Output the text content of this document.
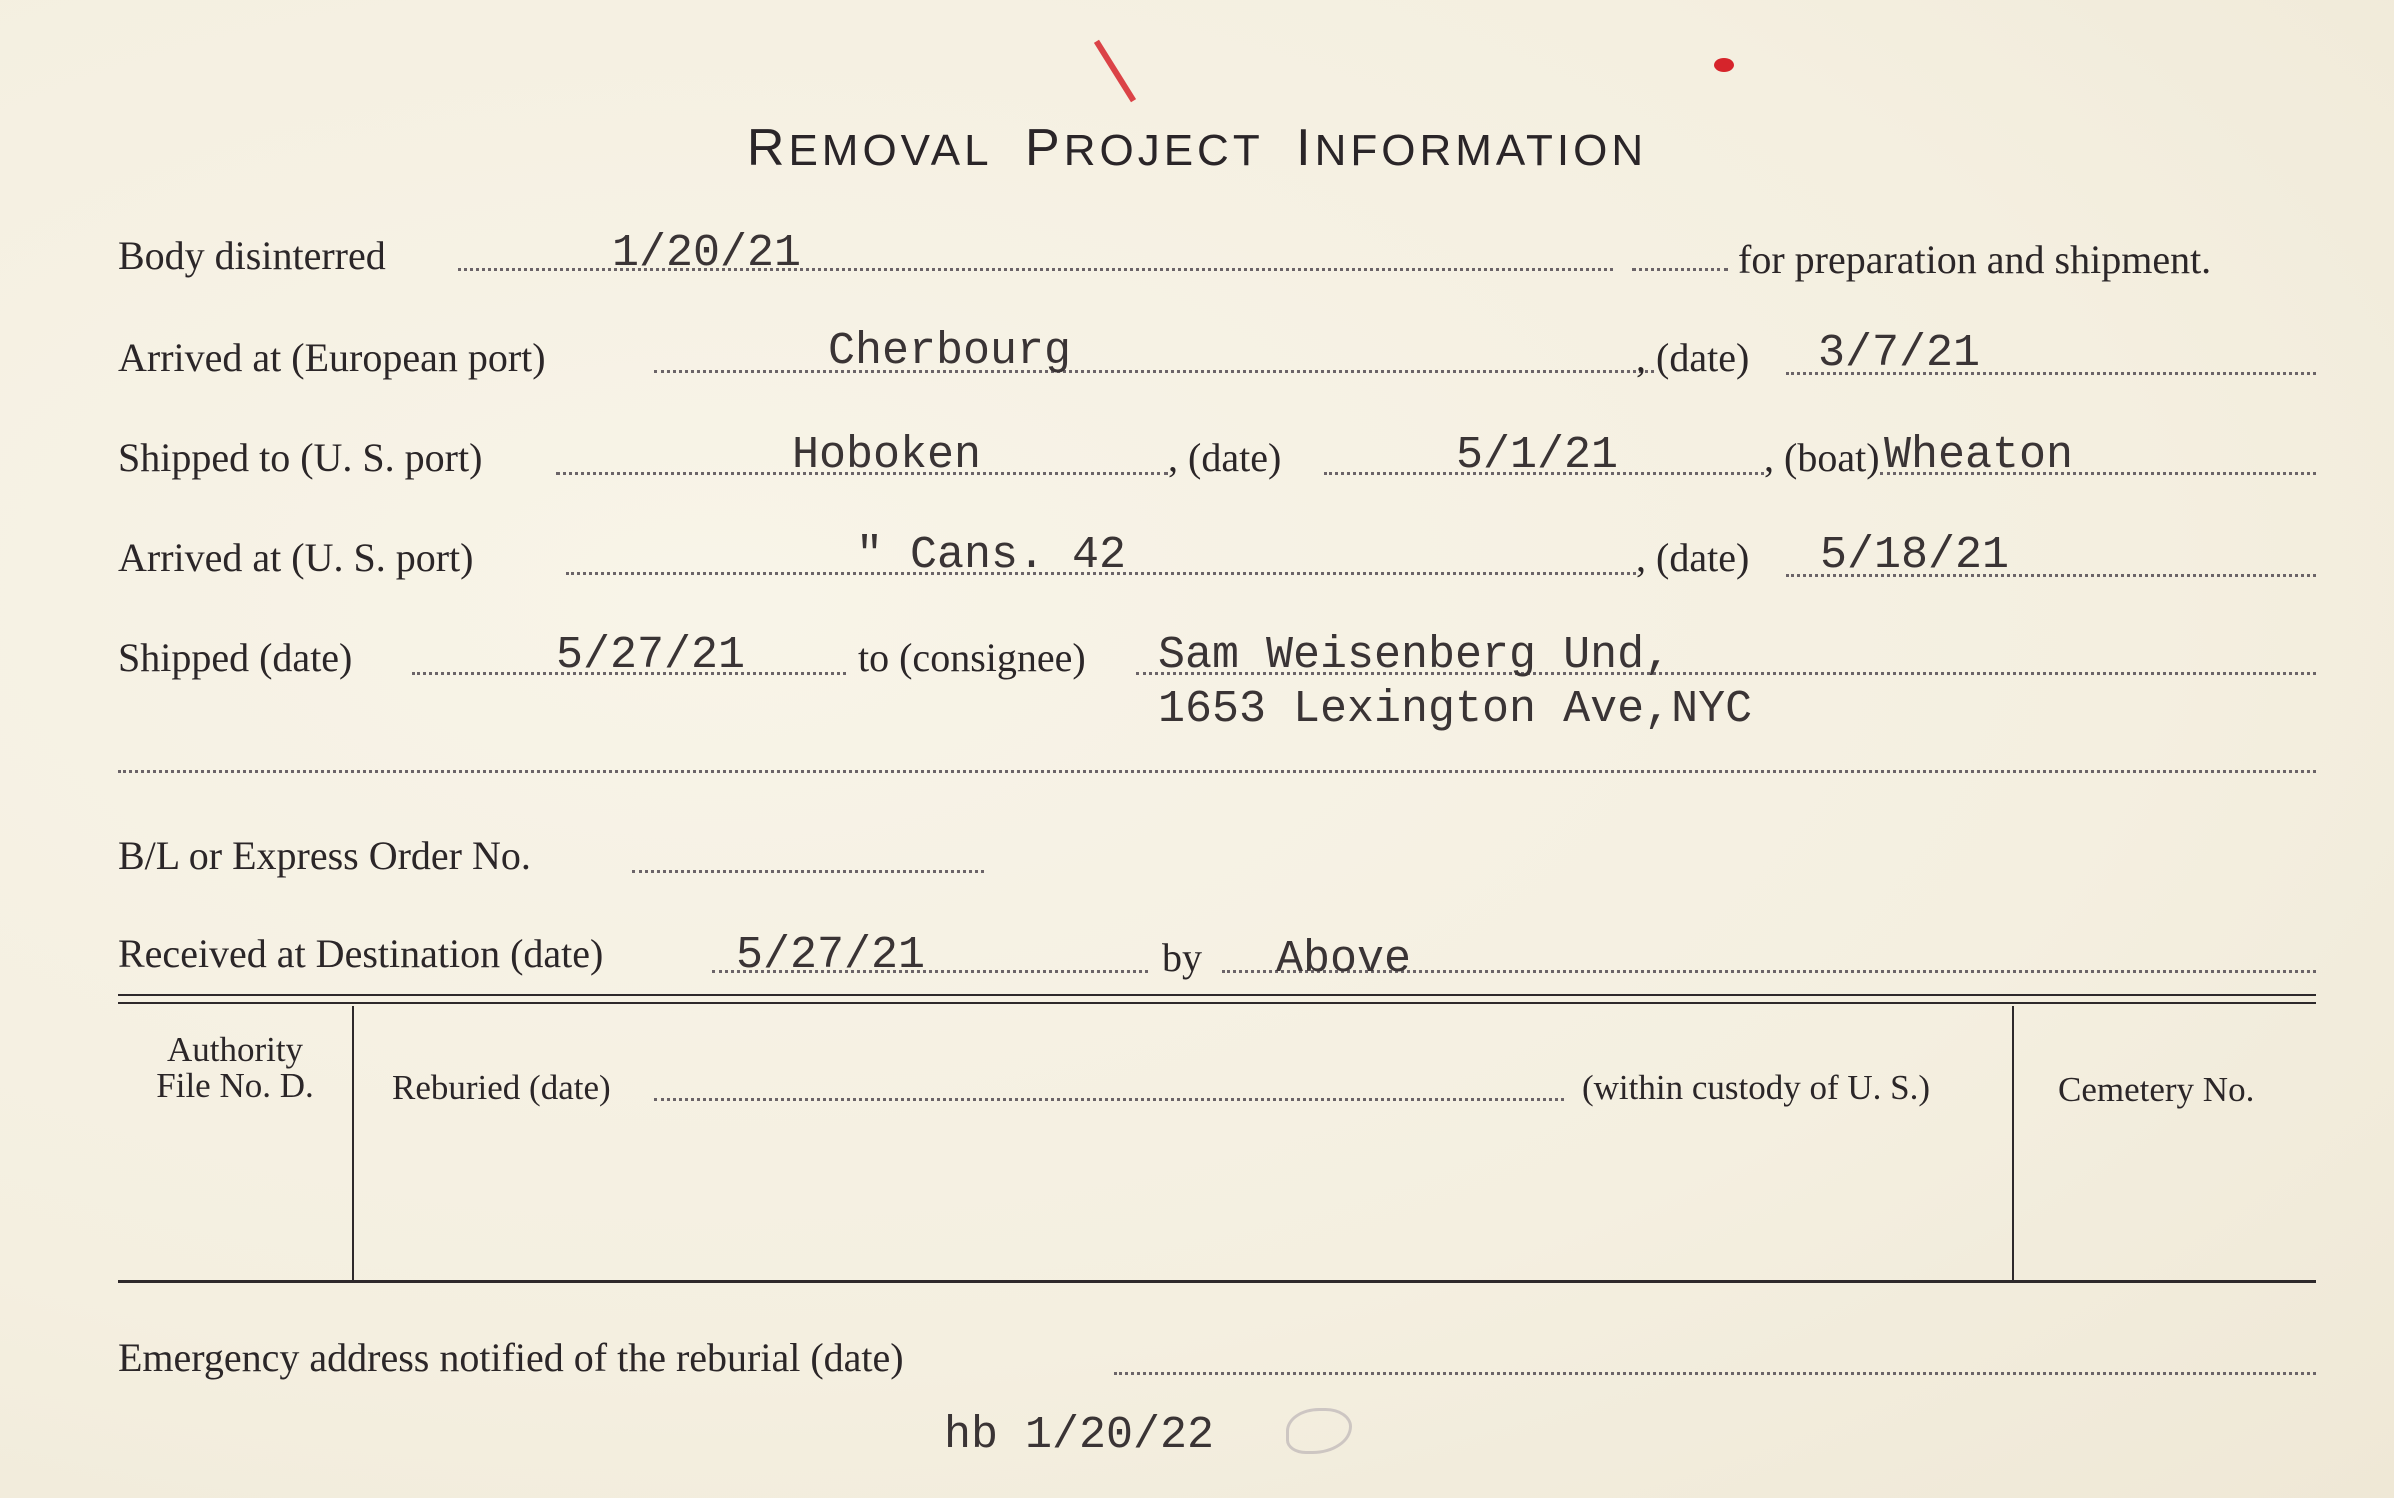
REMOVAL PROJECT INFORMATION
Body disinterred	1/20/21	for preparation and shipment.
Arrived at (European port)	Cherbourg	, (date) 3/7/21
Shipped to (U. S. port)	Hoboken	, (date)	5/1/21	, (boat) Wheaton
Arrived at (U. S. port)	" Cans. 42	, (date) 5/18/21
Shipped (date)	5/27/21	to (consignee) Sam Weisenberg Und,
1653 Lexington Ave,NYC
B/L or Express Order No.
Received at Destination (date)	5/27/21	by Above
Authority
File No. D.	Reburied (date)	(within custody of U. S.)	Cemetery No.
Emergency address notified of the reburial (date)
hb 1/20/22
